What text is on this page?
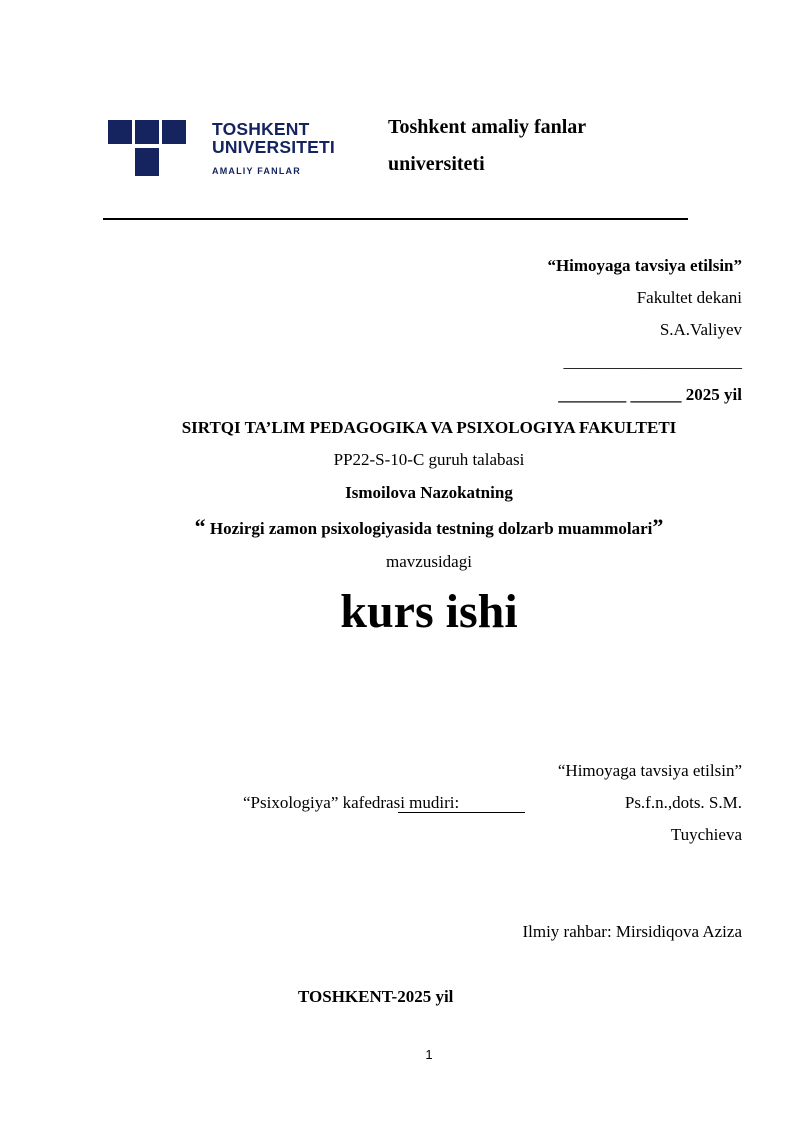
TOSHKENT
UNIVERSITETI
AMALIY FANLAR
Toshkent amaliy fanlar
universiteti
“Himoyaga tavsiya etilsin”
Fakultet dekani
S.A.Valiyev
_____________________
________ ______ 2025 yil
SIRTQI TA’LIM PEDAGOGIKA VA PSIXOLOGIYA FAKULTETI
PP22-S-10-C guruh talabasi
Ismoilova Nazokatning
“ Hozirgi zamon psixologiyasida testning dolzarb muammolari”
mavzusidagi
kurs ishi
“Himoyaga tavsiya etilsin”
“Psixologiya” kafedrasi mudiri:	Ps.f.n.,dots. S.M.
Tuychieva
Ilmiy rahbar: Mirsidiqova Aziza
TOSHKENT-2025 yil
1
